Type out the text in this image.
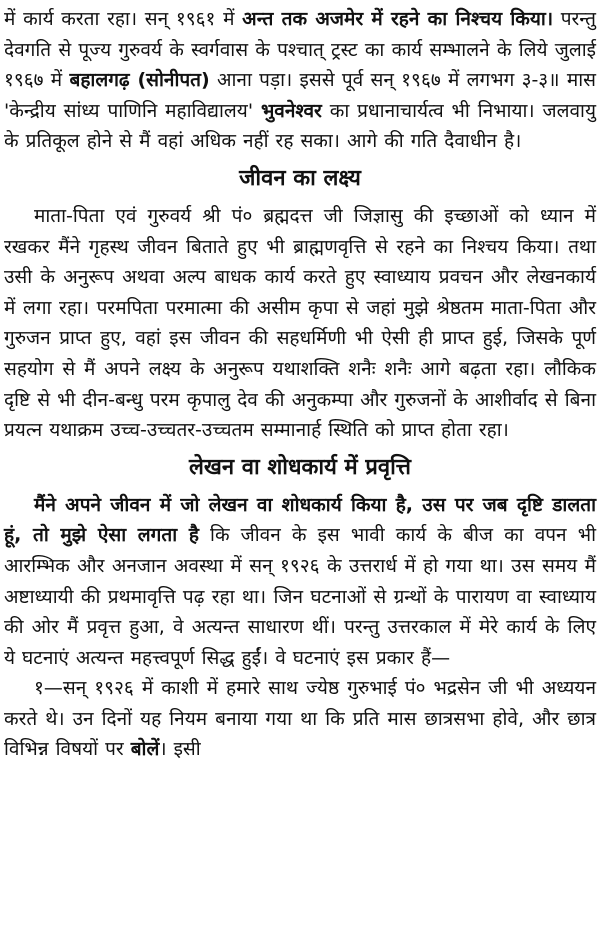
में कार्य करता रहा। सन् १९६१ में अन्त तक अजमेर में रहने का निश्चय किया। परन्तु देवगति से पूज्य गुरुवर्य के स्वर्गवास के पश्चात् ट्रस्ट का कार्य सम्भालने के लिये जुलाई १९६७ में बहालगढ़ (सोनीपत) आना पड़ा। इससे पूर्व सन् १९६७ में लगभग ३-३॥ मास 'केन्द्रीय सांध्य पाणिनि महाविद्यालय' भुवनेश्वर का प्रधानाचार्यत्व भी निभाया। जलवायु के प्रतिकूल होने से मैं वहां अधिक नहीं रह सका। आगे की गति दैवाधीन है।

जीवन का लक्ष्य

माता-पिता एवं गुरुवर्य श्री पं० ब्रह्मदत्त जी जिज्ञासु की इच्छाओं को ध्यान में रखकर मैंने गृहस्थ जीवन बिताते हुए भी ब्राह्मणवृत्ति से रहने का निश्चय किया। तथा उसी के अनुरूप अथवा अल्प बाधक कार्य करते हुए स्वाध्याय प्रवचन और लेखनकार्य में लगा रहा। परमपिता परमात्मा की असीम कृपा से जहां मुझे श्रेष्ठतम माता-पिता और गुरुजन प्राप्त हुए, वहां इस जीवन की सहधर्मिणी भी ऐसी ही प्राप्त हुई, जिसके पूर्ण सहयोग से मैं अपने लक्ष्य के अनुरूप यथाशक्ति शनैः शनैः आगे बढ़ता रहा। लौकिक दृष्टि से भी दीन-बन्धु परम कृपालु देव की अनुकम्पा और गुरुजनों के आशीर्वाद से बिना प्रयत्न यथाक्रम उच्च-उच्चतर-उच्चतम सम्मानार्ह स्थिति को प्राप्त होता रहा।

लेखन वा शोधकार्य में प्रवृत्ति

मैंने अपने जीवन में जो लेखन वा शोधकार्य किया है, उस पर जब दृष्टि डालता हूं, तो मुझे ऐसा लगता है कि जीवन के इस भावी कार्य के बीज का वपन भी आरम्भिक और अनजान अवस्था में सन् १९२६ के उत्तरार्ध में हो गया था। उस समय मैं अष्टाध्यायी की प्रथमावृत्ति पढ़ रहा था। जिन घटनाओं से ग्रन्थों के पारायण वा स्वाध्याय की ओर मैं प्रवृत्त हुआ, वे अत्यन्त साधारण थीं। परन्तु उत्तरकाल में मेरे कार्य के लिए ये घटनाएं अत्यन्त महत्त्वपूर्ण सिद्ध हुईं। वे घटनाएं इस प्रकार हैं—

१—सन् १९२६ में काशी में हमारे साथ ज्येष्ठ गुरुभाई पं० भद्रसेन जी भी अध्ययन करते थे। उन दिनों यह नियम बनाया गया था कि प्रति मास छात्रसभा होवे, और छात्र विभिन्न विषयों पर बोलें। इसी
